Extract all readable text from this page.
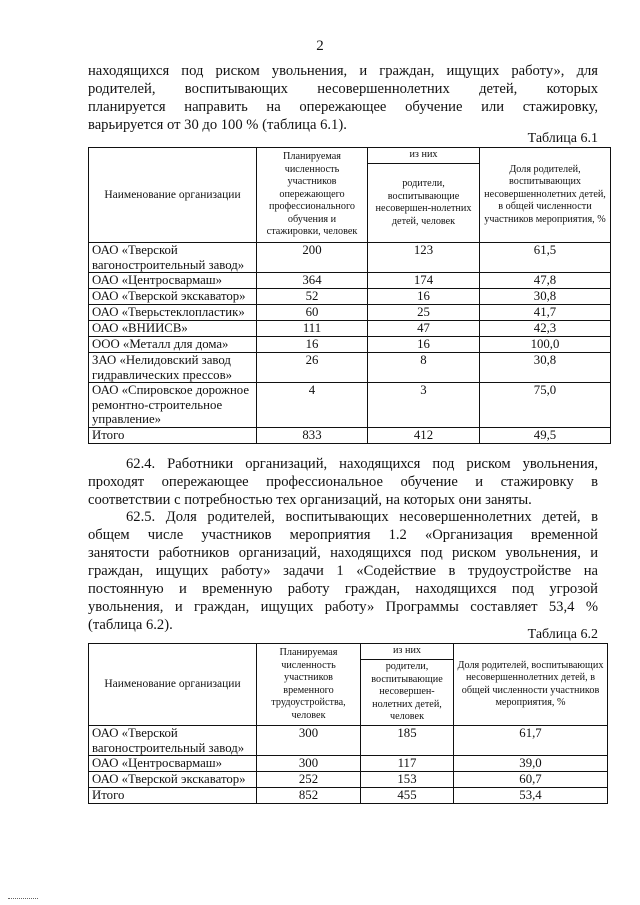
2
находящихся под риском увольнения, и граждан, ищущих работу», для
родителей, воспитывающих несовершеннолетних детей, которых
планируется направить на опережающее обучение или стажировку,
варьируется от 30 до 100 % (таблица 6.1).
Таблица 6.1
Наименование организации	Планируемая численность участников опережающего профессионального обучения и стажировки, человек	из них	Доля родителей, воспитывающих несовершеннолетних детей, в общей численности участников мероприятия, %
		родители, воспитывающие несовершен-нолетних детей, человек	
ОАО «Тверской вагоностроительный завод»	200	123	61,5
ОАО «Центросвармаш»	364	174	47,8
ОАО «Тверской экскаватор»	52	16	30,8
ОАО «Тверьстеклопластик»	60	25	41,7
ОАО «ВНИИСВ»	111	47	42,3
ООО «Металл для дома»	16	16	100,0
ЗАО «Нелидовский завод гидравлических прессов»	26	8	30,8
ОАО «Спировское дорожное ремонтно-строительное управление»	4	3	75,0
Итого	833	412	49,5
62.4. Работники организаций, находящихся под риском увольнения,
проходят опережающее профессиональное обучение и стажировку в
соответствии с потребностью тех организаций, на которых они заняты.
62.5. Доля родителей, воспитывающих несовершеннолетних детей, в
общем числе участников мероприятия 1.2 «Организация временной
занятости работников организаций, находящихся под риском увольнения, и
граждан, ищущих работу» задачи 1 «Содействие в трудоустройстве на
постоянную и временную работу граждан, находящихся под угрозой
увольнения, и граждан, ищущих работу» Программы составляет 53,4 %
(таблица 6.2).
Таблица 6.2
Наименование организации	Планируемая численность участников временного трудоустройства, человек	из них	Доля родителей, воспитывающих несовершеннолетних детей, в общей численности участников мероприятия, %
		родители, воспитывающие несовершен-нолетних детей, человек	
ОАО «Тверской вагоностроительный завод»	300	185	61,7
ОАО «Центросвармаш»	300	117	39,0
ОАО «Тверской экскаватор»	252	153	60,7
Итого	852	455	53,4
